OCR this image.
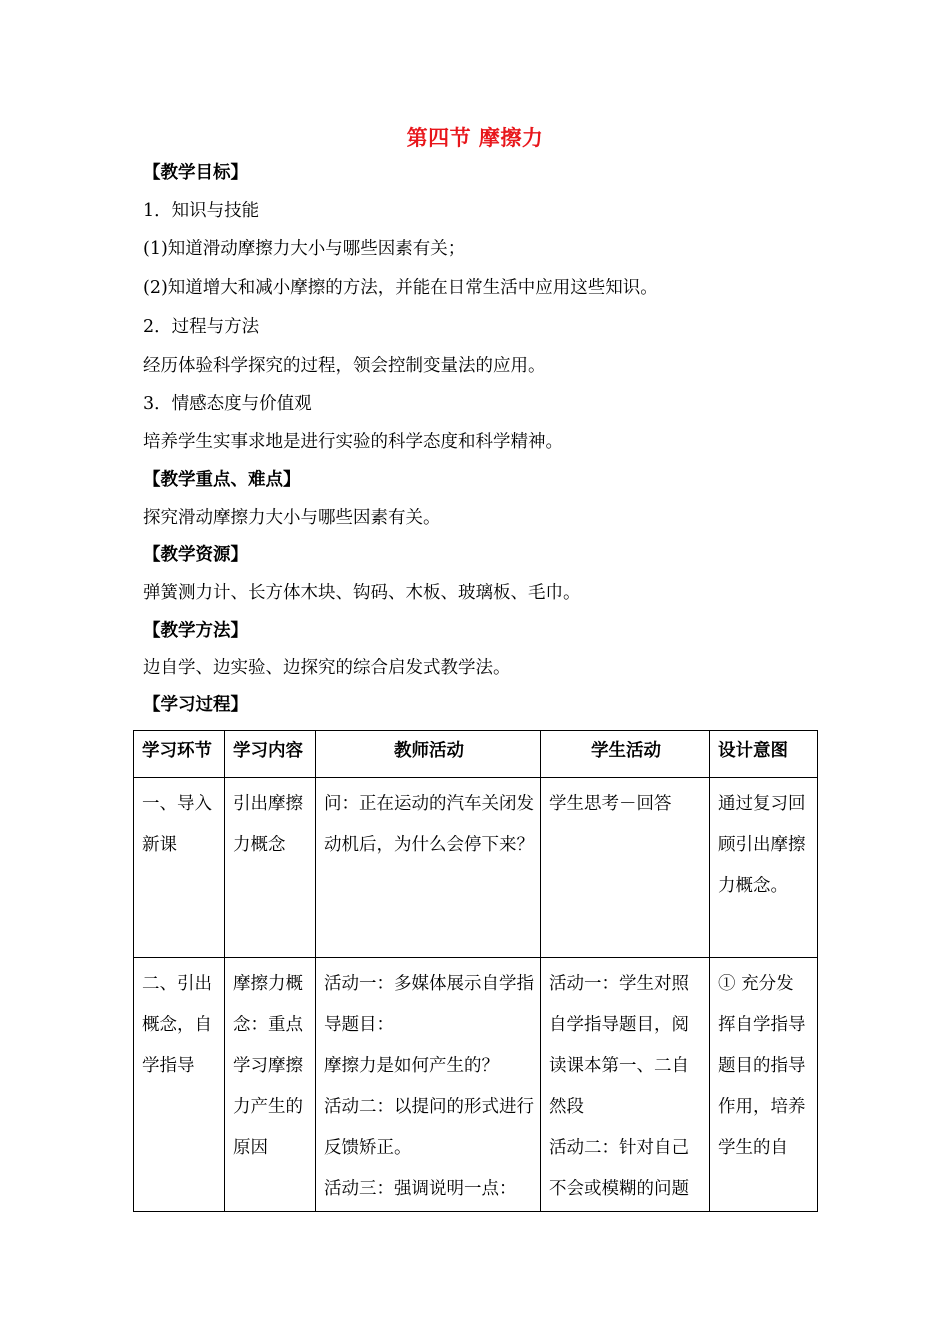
第四节 摩擦力
【教学目标】
1．知识与技能
(1)知道滑动摩擦力大小与哪些因素有关；
(2)知道增大和减小摩擦的方法，并能在日常生活中应用这些知识。
2．过程与方法
经历体验科学探究的过程，领会控制变量法的应用。
3．情感态度与价值观
培养学生实事求地是进行实验的科学态度和科学精神。
【教学重点、难点】
探究滑动摩擦力大小与哪些因素有关。
【教学资源】
弹簧测力计、长方体木块、钩码、木板、玻璃板、毛巾。
【教学方法】
边自学、边实验、边探究的综合启发式教学法。
【学习过程】
学习环节	学习内容	教师活动	学生活动	设计意图

一、导入新课	引出摩擦力概念	问：正在运动的汽车关闭发动机后，为什么会停下来？	学生思考－回答	通过复习回顾引出摩擦力概念。

二、引出概念，自学指导	摩擦力概念：重点学习摩擦力产生的原因	活动一：多媒体展示自学指导题目：
摩擦力是如何产生的？
活动二：以提问的形式进行反馈矫正。
活动三：强调说明一点：	活动一：学生对照自学指导题目，阅读课本第一、二自然段
活动二：针对自己不会或模糊的问题	① 充分发挥自学指导题目的指导作用，培养学生的自
